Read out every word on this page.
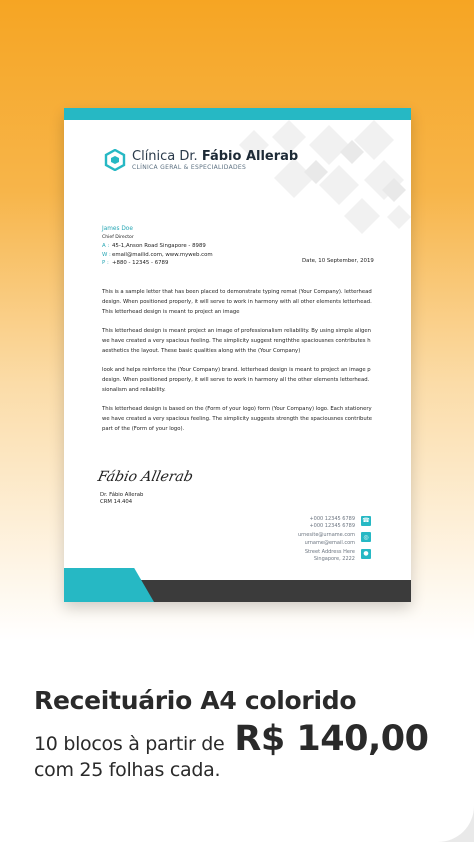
Clínica Dr. Fábio Allerab
CLÍNICA GERAL & ESPECIALIDADES
James Doe
Chief Director
A : 45-1,Anson Road Singapore - 8989
W :email@mailid.com, www.myweb.com
P : +880 - 12345 - 6789	Date, 10 September, 2019

This is a sample letter that has been placed to demonstrate typing remat (Your Company). letterhead
design. When positioned properly, it will serve to work in harmony with all other elements letterhead.
This letterhead design is meant to project an image

This letterhead design is meant project an image of professionalism reliability. By using simple aligen
we have created a very spacious feeling. The simplicity suggest rengththe spaciousnes contributes h
aesthetics the layout. These basic qualities along with the (Your Company)

look and helps reinforce the (Your Company) brand. letterhead design is meant to project an image p
design. When positioned properly, it will serve to work in harmony all the other elements letterhead.
sionalism and reliability.

This letterhead design is based on the (Form of your logo) form (Your Company) logo. Each stationery
we have created a very spacious feeling. The simplicity suggests strength the spaciousnes contribute
part of the (Form of your logo).

Fábio Allerab
Dr. Fábio Allerab
CRM 14.404
+000 12345 6789
+000 12345 6789
☎
urnesite@urname.com
urname@email.com
◎
Street Address Here
Singapore, 2222
●
Receituário A4 colorido
10 blocos à partir de R$ 140,00
com 25 folhas cada.
